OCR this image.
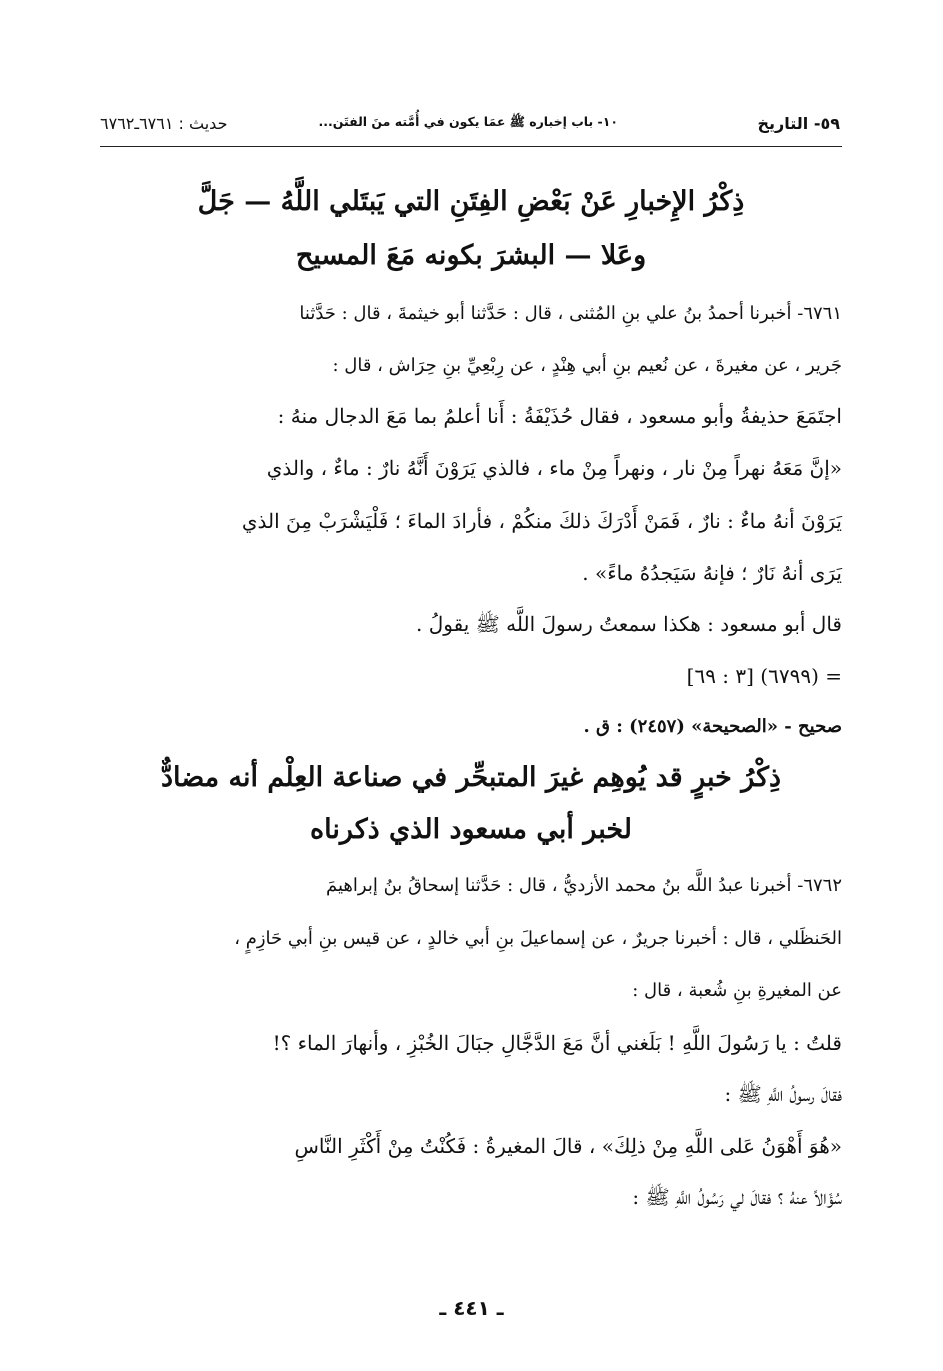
٥٩- التاريخ
١٠- باب إخباره ﷺ عمَا يكون في أُمَّته منَ الفتَن...
حديث : ٦٧٦١ـ٦٧٦٢
ذِكْرُ الإِخبارِ عَنْ بَعْضِ الفِتَنِ التي يَبتَلي اللَّهُ — جَلَّ
وعَلا — البشرَ بكونه مَعَ المسيح
٦٧٦١- أخبرنا أحمدُ بنُ علي بنِ المُثنى ، قال : حَدَّثنا أبو خيثمةَ ، قال : حَدَّثنا
جَرير ، عن مغيرةَ ، عن نُعيم بنِ أبي هِنْدٍ ، عن رِبْعِيِّ بنِ حِرَاش ، قال :
اجتَمَعَ حذيفةُ وأبو مسعود ، فقال حُذَيْفَةُ : أَنا أعلمُ بما مَعَ الدجال منهُ :
«إنَّ مَعَهُ نهراً مِنْ نار ، ونهراً مِنْ ماء ، فالذي يَرَوْنَ أَنَّهُ نارٌ : ماءٌ ، والذي
يَرَوْنَ أنهُ ماءٌ : نارٌ ، فَمَنْ أَدْرَكَ ذلكَ منكُمْ ، فأرادَ الماءَ ؛ فَلْيَشْرَبْ مِنَ الذي
يَرَى أنهُ نَارٌ ؛ فإنهُ سَيَجدُهُ ماءً» .
قال أبو مسعود : هكذا سمعتُ رسولَ اللَّه ﷺ يقولُ .
= (٦٧٩٩) [٣ : ٦٩]
صحيح - «الصحيحة» (٢٤٥٧) : ق .
ذِكْرُ خبرٍ قد يُوهِم غيرَ المتبحِّر في صناعة العِلْم أنه مضادٌّ
لخبر أبي مسعود الذي ذكرناه
٦٧٦٢- أخبرنا عبدُ اللَّه بنُ محمد الأزديُّ ، قال : حَدَّثنا إسحاقُ بنُ إبراهيمَ
الحَنظَلي ، قال : أخبرنا جريرٌ ، عن إسماعيلَ بنِ أبي خالدٍ ، عن قيس بنِ أبي حَازِمٍ ،
عن المغيرةِ بنِ شُعبة ، قال :
قلتُ : يا رَسُولَ اللَّهِ ! بَلَغني أنَّ مَعَ الدَّجَّالِ جبَالَ الخُبْزِ ، وأنهارَ الماء ؟!
فقالَ رسولُ اللَّهِ ﷺ :
«هُوَ أَهْوَنُ عَلى اللَّهِ مِنْ ذلِكَ» ، قالَ المغيرةُ : فَكُنْتُ مِنْ أَكْثَرِ النَّاسِ
سُؤَالاً عنهُ ؟ فقالَ لي رَسُولُ اللَّهِ ﷺ :
ـ ٤٤١ ـ
